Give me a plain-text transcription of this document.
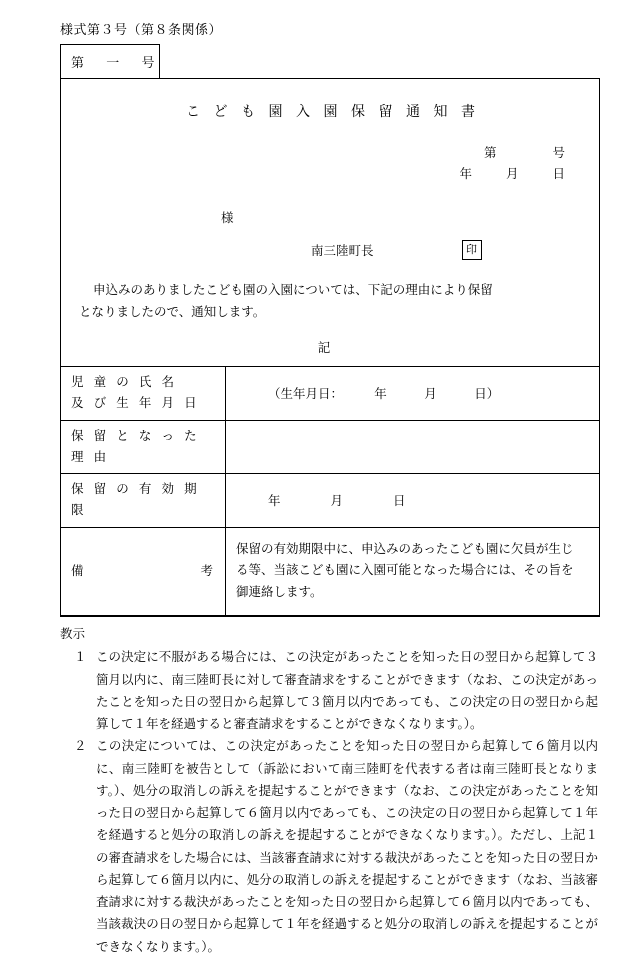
様式第３号（第８条関係）
第　 一　 号
こ ど も 園 入 園 保 留 通 知 書
第	号
年	月	日
様
南三陸町長	印
申込みのありましたこども園の入園については、下記の理由により保留
となりましたので、通知します。
記
児 童 の 氏 名
及 び 生 年 月 日	（生年月日：　　　年　　　月　　　日）

保 留 と な っ た 理 由	

保 留 の 有 効 期 限	年　　　　月　　　　日

備 考	保留の有効期限中に、申込みのあったこども園に欠員が生じる等、当該こども園に入園可能となった場合には、その旨を御連絡します。
教示
１ この決定に不服がある場合には、この決定があったことを知った日の翌日から起算して３箇月以内に、南三陸町長に対して審査請求をすることができます（なお、この決定があったことを知った日の翌日から起算して３箇月以内であっても、この決定の日の翌日から起算して１年を経過すると審査請求をすることができなくなります。）。
２ この決定については、この決定があったことを知った日の翌日から起算して６箇月以内に、南三陸町を被告として（訴訟において南三陸町を代表する者は南三陸町長となります。）、処分の取消しの訴えを提起することができます（なお、この決定があったことを知った日の翌日から起算して６箇月以内であっても、この決定の日の翌日から起算して１年を経過すると処分の取消しの訴えを提起することができなくなります。）。ただし、上記１の審査請求をした場合には、当該審査請求に対する裁決があったことを知った日の翌日から起算して６箇月以内に、処分の取消しの訴えを提起することができます（なお、当該審査請求に対する裁決があったことを知った日の翌日から起算して６箇月以内であっても、当該裁決の日の翌日から起算して１年を経過すると処分の取消しの訴えを提起することができなくなります。）。
